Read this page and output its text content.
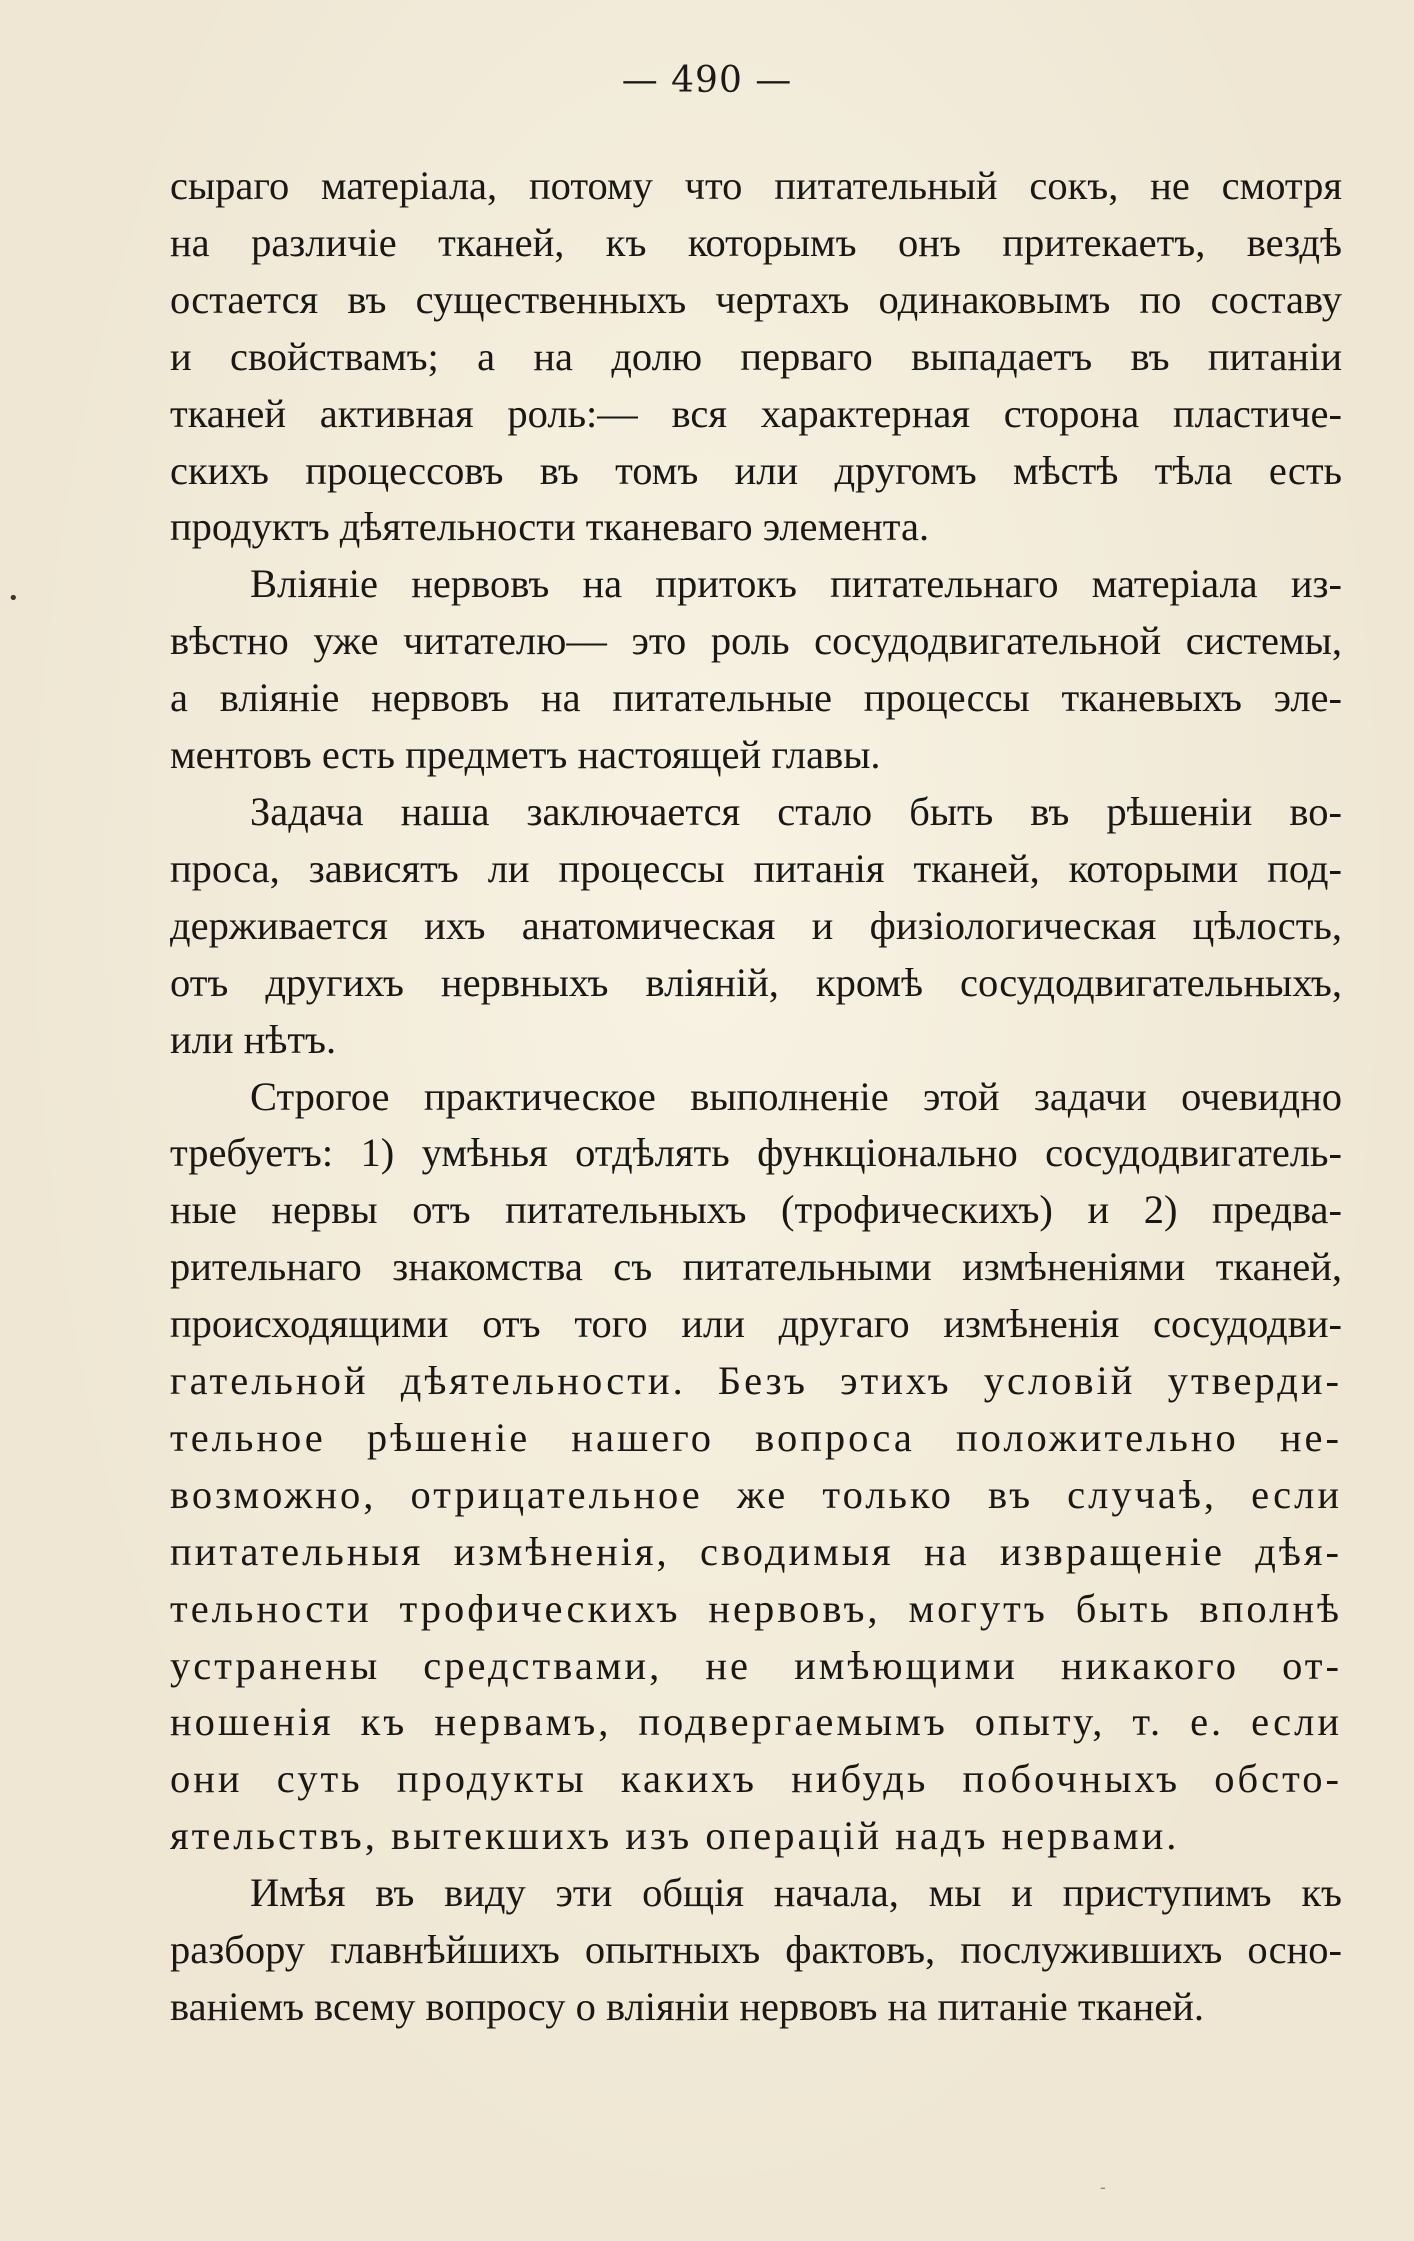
— 490 —

сыраго матеріала, потому что питательный сокъ, не смотря
на различіе тканей, къ которымъ онъ притекаетъ, вездѣ
остается въ существенныхъ чертахъ одинаковымъ по составу
и свойствамъ; а на долю перваго выпадаетъ въ питаніи
тканей активная роль:— вся характерная сторона пластиче-
скихъ процессовъ въ томъ или другомъ мѣстѣ тѣла есть
продуктъ дѣятельности тканеваго элемента.

Вліяніе нервовъ на притокъ питательнаго матеріала из-
вѣстно уже читателю— это роль сосудодвигательной системы,
а вліяніе нервовъ на питательные процессы тканевыхъ эле-
ментовъ есть предметъ настоящей главы.

Задача наша заключается стало быть въ рѣшеніи во-
проса, зависятъ ли процессы питанія тканей, которыми под-
держивается ихъ анатомическая и физіологическая цѣлость,
отъ другихъ нервныхъ вліяній, кромѣ сосудодвигательныхъ,
или нѣтъ.

Строгое практическое выполненіе этой задачи очевидно
требуетъ: 1) умѣнья отдѣлять функціонально сосудодвигатель-
ные нервы отъ питательныхъ (трофическихъ) и 2) предва-
рительнаго знакомства съ питательными измѣненіями тканей,
происходящими отъ того или другаго измѣненія сосудодви-
гательной дѣятельности. Безъ этихъ условій утверди-
тельное рѣшеніе нашего вопроса положительно не-
возможно, отрицательное же только въ случаѣ, если
питательныя измѣненія, сводимыя на извращеніе дѣя-
тельности трофическихъ нервовъ, могутъ быть вполнѣ
устранены средствами, не имѣющими никакого от-
ношенія къ нервамъ, подвергаемымъ опыту, т. е. если
они суть продукты какихъ нибудь побочныхъ обсто-
ятельствъ, вытекшихъ изъ операцій надъ нервами.

Имѣя въ виду эти общія начала, мы и приступимъ къ
разбору главнѣйшихъ опытныхъ фактовъ, послужившихъ осно-
ваніемъ всему вопросу о вліяніи нервовъ на питаніе тканей.

•
‐
